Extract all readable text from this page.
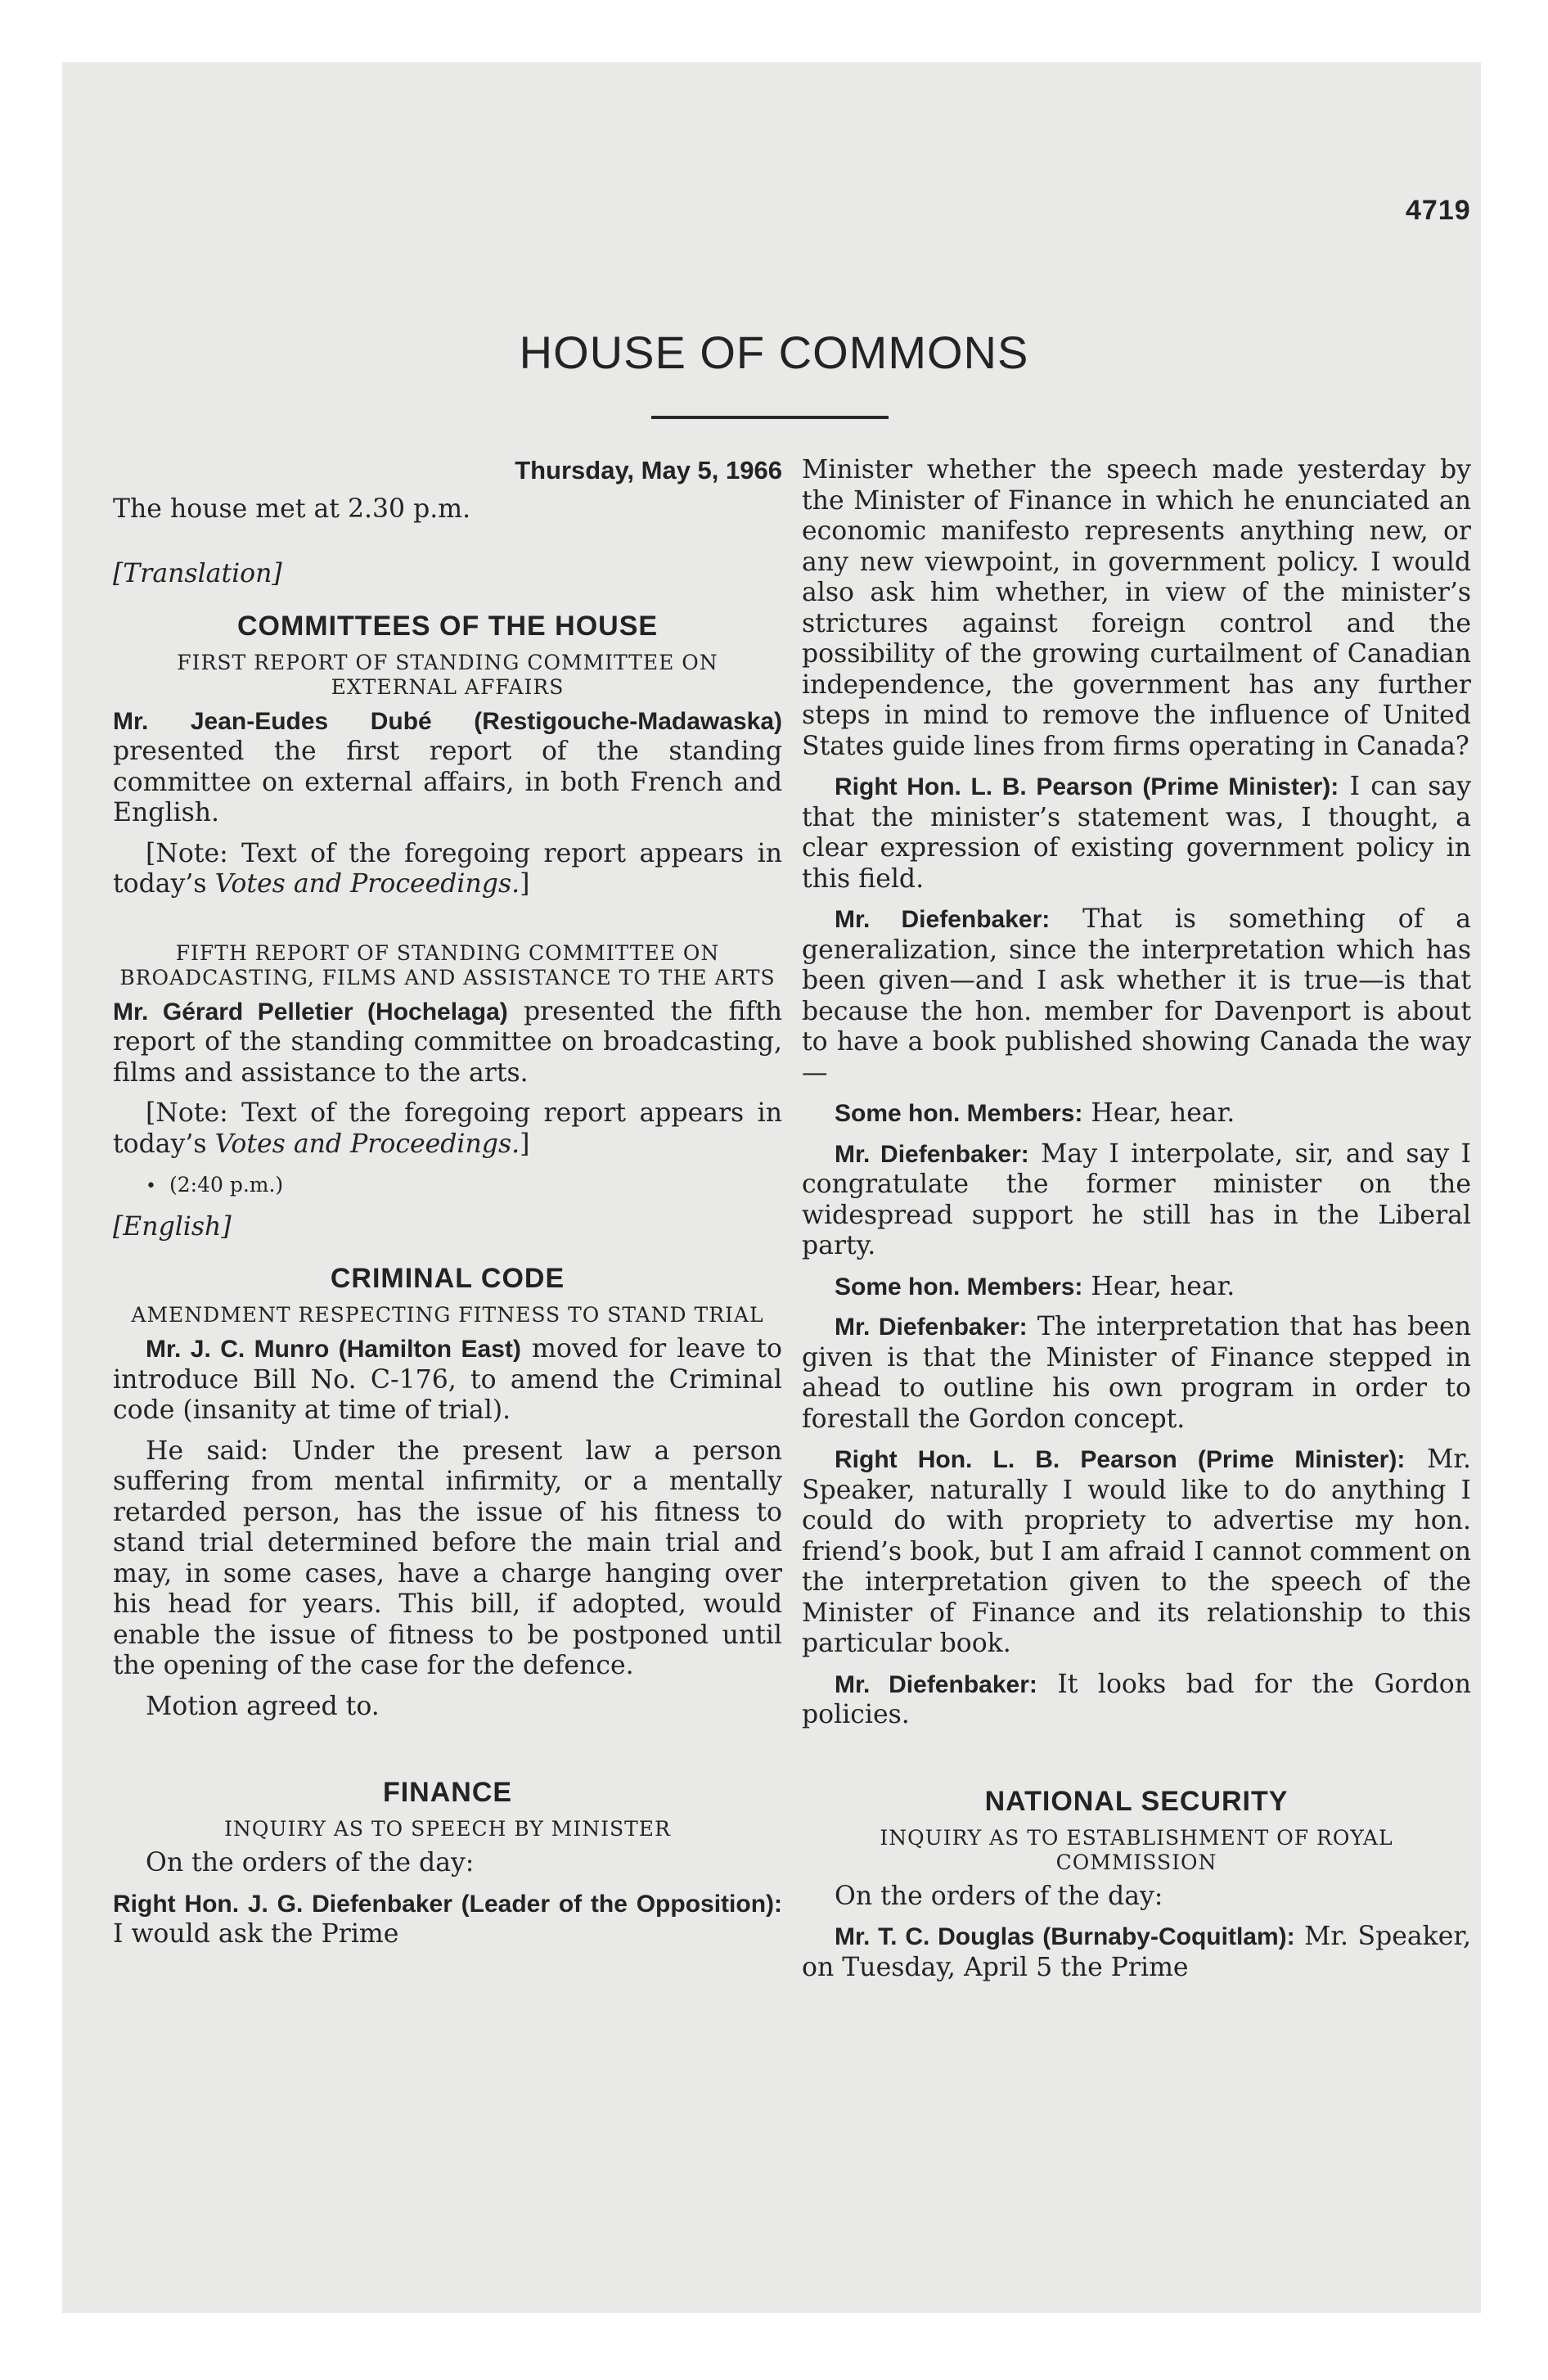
4719
HOUSE OF COMMONS

Thursday, May 5, 1966

The house met at 2.30 p.m.

[Translation]

COMMITTEES OF THE HOUSE
FIRST REPORT OF STANDING COMMITTEE ON EXTERNAL AFFAIRS

Mr. Jean-Eudes Dubé (Restigouche-Madawaska) presented the first report of the standing committee on external affairs, in both French and English.

[Note: Text of the foregoing report appears in today’s Votes and Proceedings.]

FIFTH REPORT OF STANDING COMMITTEE ON BROADCASTING, FILMS AND ASSISTANCE TO THE ARTS

Mr. Gérard Pelletier (Hochelaga) presented the fifth report of the standing committee on broadcasting, films and assistance to the arts.

[Note: Text of the foregoing report appears in today’s Votes and Proceedings.]

• (2:40 p.m.)

[English]

CRIMINAL CODE
AMENDMENT RESPECTING FITNESS TO STAND TRIAL

Mr. J. C. Munro (Hamilton East) moved for leave to introduce Bill No. C-176, to amend the Criminal code (insanity at time of trial).

He said: Under the present law a person suffering from mental infirmity, or a mentally retarded person, has the issue of his fitness to stand trial determined before the main trial and may, in some cases, have a charge hanging over his head for years. This bill, if adopted, would enable the issue of fitness to be postponed until the opening of the case for the defence.

Motion agreed to.

FINANCE
INQUIRY AS TO SPEECH BY MINISTER

On the orders of the day:

Right Hon. J. G. Diefenbaker (Leader of the Opposition): I would ask the Prime

Minister whether the speech made yesterday by the Minister of Finance in which he enunciated an economic manifesto represents anything new, or any new viewpoint, in government policy. I would also ask him whether, in view of the minister’s strictures against foreign control and the possibility of the growing curtailment of Canadian independence, the government has any further steps in mind to remove the influence of United States guide lines from firms operating in Canada?

Right Hon. L. B. Pearson (Prime Minister): I can say that the minister’s statement was, I thought, a clear expression of existing government policy in this field.

Mr. Diefenbaker: That is something of a generalization, since the interpretation which has been given—and I ask whether it is true—is that because the hon. member for Davenport is about to have a book published showing Canada the way—

Some hon. Members: Hear, hear.

Mr. Diefenbaker: May I interpolate, sir, and say I congratulate the former minister on the widespread support he still has in the Liberal party.

Some hon. Members: Hear, hear.

Mr. Diefenbaker: The interpretation that has been given is that the Minister of Finance stepped in ahead to outline his own program in order to forestall the Gordon concept.

Right Hon. L. B. Pearson (Prime Minister): Mr. Speaker, naturally I would like to do anything I could do with propriety to advertise my hon. friend’s book, but I am afraid I cannot comment on the interpretation given to the speech of the Minister of Finance and its relationship to this particular book.

Mr. Diefenbaker: It looks bad for the Gordon policies.

NATIONAL SECURITY
INQUIRY AS TO ESTABLISHMENT OF ROYAL COMMISSION

On the orders of the day:

Mr. T. C. Douglas (Burnaby-Coquitlam): Mr. Speaker, on Tuesday, April 5 the Prime
